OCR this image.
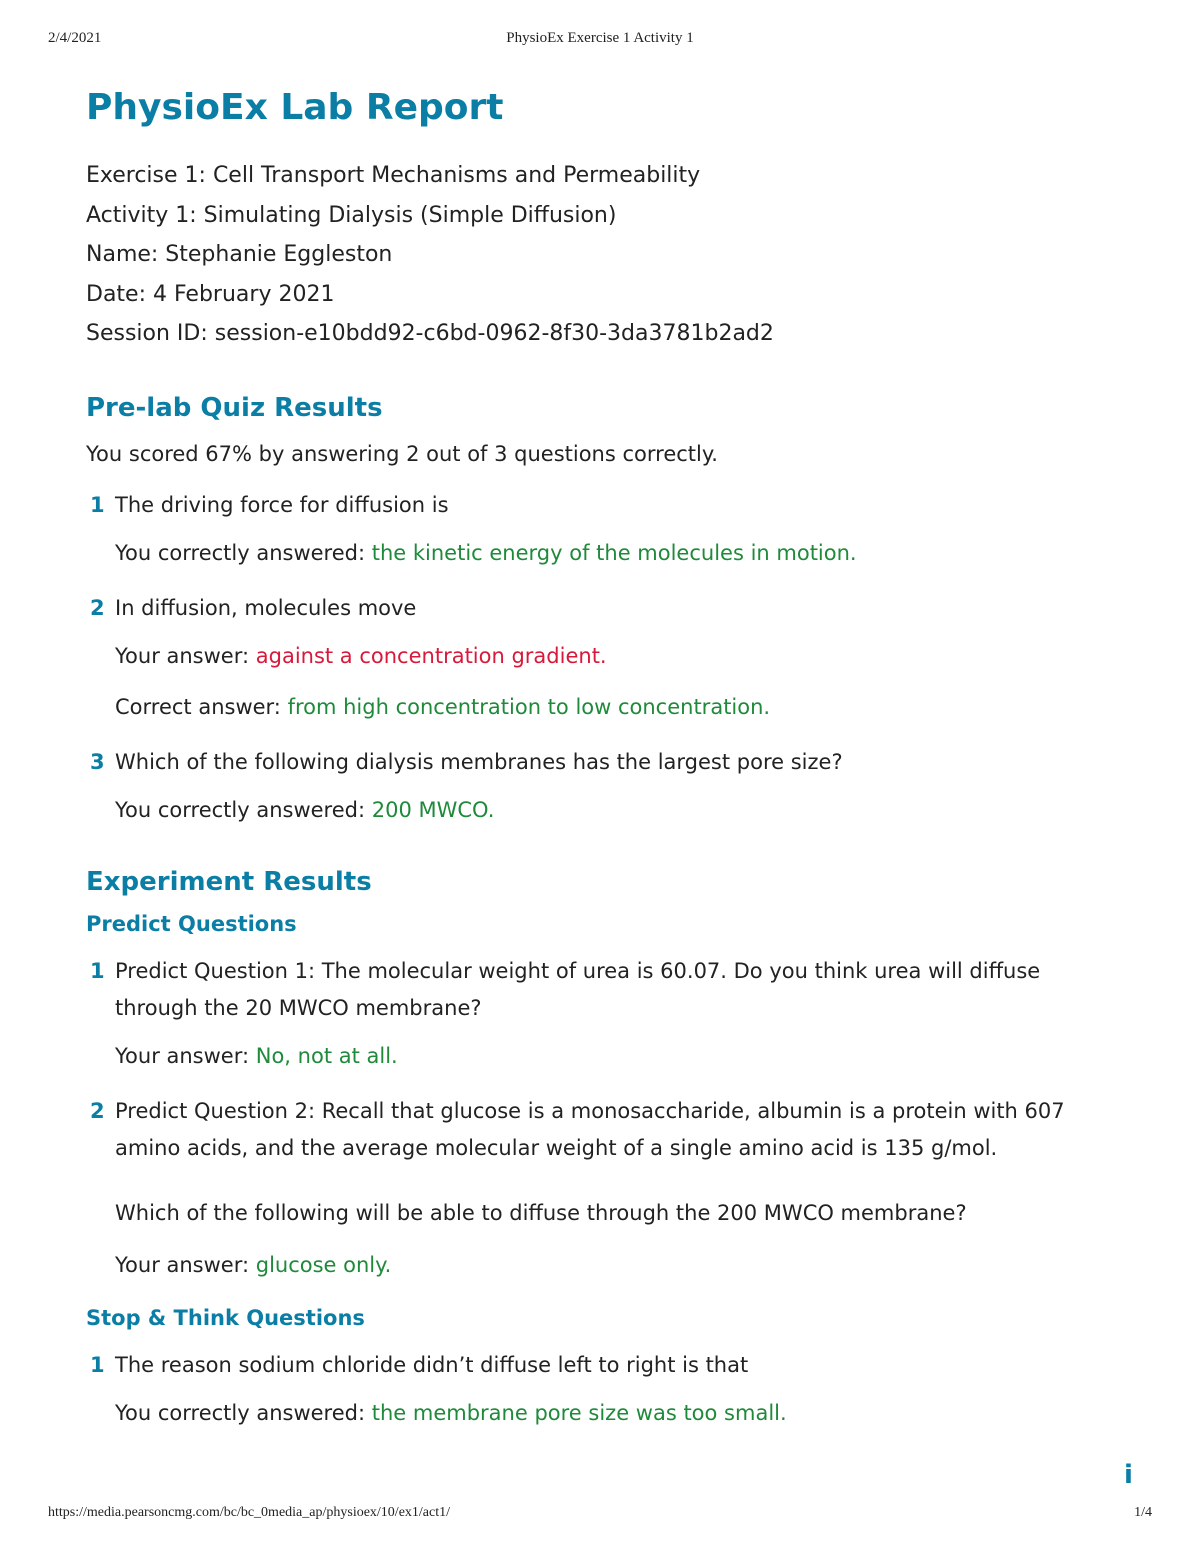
2/4/2021	PhysioEx Exercise 1 Activity 1
PhysioEx Lab Report
Exercise 1: Cell Transport Mechanisms and Permeability
Activity 1: Simulating Dialysis (Simple Diffusion)
Name: Stephanie Eggleston
Date: 4 February 2021
Session ID: session-e10bdd92-c6bd-0962-8f30-3da3781b2ad2
Pre-lab Quiz Results

You scored 67% by answering 2 out of 3 questions correctly.

1 The driving force for diffusion is
You correctly answered: the kinetic energy of the molecules in motion.
2 In diffusion, molecules move
Your answer: against a concentration gradient.
Correct answer: from high concentration to low concentration.
3 Which of the following dialysis membranes has the largest pore size?
You correctly answered: 200 MWCO.
Experiment Results
Predict Questions
1 Predict Question 1: The molecular weight of urea is 60.07. Do you think urea will diffuse through the 20 MWCO membrane?
Your answer: No, not at all.
2 Predict Question 2: Recall that glucose is a monosaccharide, albumin is a protein with 607 amino acids, and the average molecular weight of a single amino acid is 135 g/mol.
Which of the following will be able to diffuse through the 200 MWCO membrane?
Your answer: glucose only.
Stop & Think Questions
1 The reason sodium chloride didn’t diffuse left to right is that
You correctly answered: the membrane pore size was too small.
i
https://media.pearsoncmg.com/bc/bc_0media_ap/physioex/10/ex1/act1/	1/4
